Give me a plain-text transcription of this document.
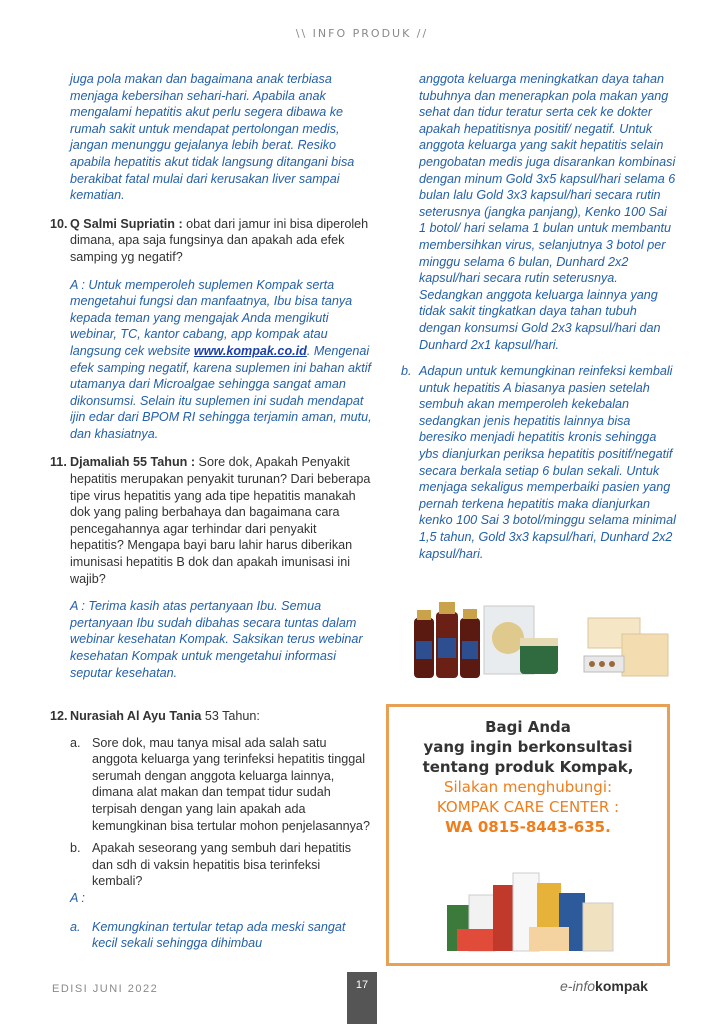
\\ INFO PRODUK //

juga pola makan dan bagaimana anak terbiasa menjaga kebersihan sehari-hari. Apabila anak mengalami hepatitis akut perlu segera dibawa ke rumah sakit untuk mendapat pertolongan medis, jangan menunggu gejalanya lebih berat. Resiko apabila hepatitis akut tidak langsung ditangani bisa berakibat fatal mulai dari kerusakan liver sampai kematian.

10. Q Salmi Supriatin : obat dari jamur ini bisa diperoleh dimana, apa saja fungsinya dan apakah ada efek samping yg negatif?

A : Untuk memperoleh suplemen Kompak serta mengetahui fungsi dan manfaatnya, Ibu bisa tanya kepada teman yang mengajak Anda mengikuti webinar, TC, kantor cabang, app kompak atau langsung cek website www.kompak.co.id. Mengenai efek samping negatif, karena suplemen ini bahan aktif utamanya dari Microalgae sehingga sangat aman dikonsumsi. Selain itu suplemen ini sudah mendapat ijin edar dari BPOM RI sehingga terjamin aman, mutu, dan khasiatnya.

11. Djamaliah 55 Tahun : Sore dok, Apakah Penyakit hepatitis merupakan penyakit turunan? Dari beberapa tipe virus hepatitis yang ada tipe hepatitis manakah dok yang paling berbahaya dan bagaimana cara pencegahannya agar terhindar dari penyakit hepatitis? Mengapa bayi baru lahir harus diberikan imunisasi hepatitis B dok dan apakah imunisasi ini wajib?

A : Terima kasih atas pertanyaan Ibu. Semua pertanyaan Ibu sudah dibahas secara tuntas dalam webinar kesehatan Kompak. Saksikan terus webinar kesehatan Kompak untuk mengetahui informasi seputar kesehatan.

anggota keluarga meningkatkan daya tahan tubuhnya dan menerapkan pola makan yang sehat dan tidur teratur serta cek ke dokter apakah hepatitisnya positif/ negatif. Untuk anggota keluarga yang sakit hepatitis selain pengobatan medis juga disarankan kombinasi dengan minum Gold 3x5 kapsul/hari selama 6 bulan lalu Gold 3x3 kapsul/hari secara rutin seterusnya (jangka panjang), Kenko 100 Sai 1 botol/ hari selama 1 bulan untuk membantu membersihkan virus, selanjutnya 3 botol per minggu selama 6 bulan, Dunhard 2x2 kapsul/hari secara rutin seterusnya. Sedangkan anggota keluarga lainnya yang tidak sakit tingkatkan daya tahan tubuh dengan konsumsi Gold 2x3 kapsul/hari dan Dunhard 2x1 kapsul/hari.

b. Adapun untuk kemungkinan reinfeksi kembali untuk hepatitis A biasanya pasien setelah sembuh akan memperoleh kekebalan sedangkan jenis hepatitis lainnya bisa beresiko menjadi hepatitis kronis sehingga ybs dianjurkan periksa hepatitis positif/negatif secara berkala setiap 6 bulan sekali. Untuk menjaga sekaligus memperbaiki pasien yang pernah terkena hepatitis maka dianjurkan kenko 100 Sai 3 botol/minggu selama minimal 1,5 tahun, Gold 3x3 kapsul/hari, Dunhard 2x2 kapsul/hari.

12. Nurasiah Al Ayu Tania 53 Tahun:

a. Sore dok, mau tanya misal ada salah satu anggota keluarga yang terinfeksi hepatitis tinggal serumah dengan anggota keluarga lainnya, dimana alat makan dan tempat tidur sudah terpisah dengan yang lain apakah ada kemungkinan bisa tertular mohon penjelasannya?

b. Apakah seseorang yang sembuh dari hepatitis dan sdh di vaksin hepatitis bisa terinfeksi kembali?

A :

a. Kemungkinan tertular tetap ada meski sangat kecil sekali sehingga dihimbau

Bagi Anda
yang ingin berkonsultasi
tentang produk Kompak,
Silakan menghubungi:
KOMPAK CARE CENTER :
WA 0815-8443-635.
EDISI JUNI 2022	17	e-infokompak
